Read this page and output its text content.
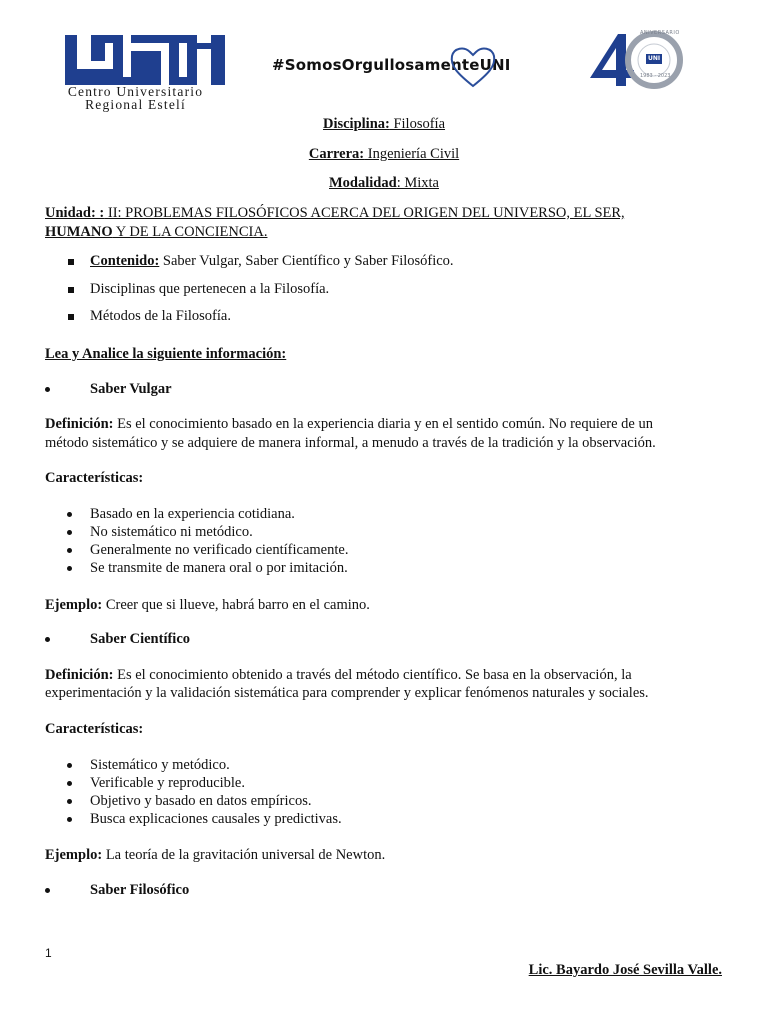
Centro Universitario
Regional Estelí
#SomosOrgullosamenteUNI
ANIVERSARIO
UNI
1983 - 2023
Disciplina: Filosofía
Carrera: Ingeniería Civil
Modalidad: Mixta
Unidad: : II: PROBLEMAS FILOSÓFICOS ACERCA DEL ORIGEN DEL UNIVERSO, EL SER,
HUMANO Y DE LA CONCIENCIA.
Contenido: Saber Vulgar, Saber Científico y Saber Filosófico.
Disciplinas que pertenecen a la Filosofía.
Métodos de la Filosofía.
Lea y Analice la siguiente información:
Saber Vulgar
Definición: Es el conocimiento basado en la experiencia diaria y en el sentido común. No requiere de un
método sistemático y se adquiere de manera informal, a menudo a través de la tradición y la observación.
Características:
Basado en la experiencia cotidiana.
No sistemático ni metódico.
Generalmente no verificado científicamente.
Se transmite de manera oral o por imitación.
Ejemplo: Creer que si llueve, habrá barro en el camino.
Saber Científico
Definición: Es el conocimiento obtenido a través del método científico. Se basa en la observación, la
experimentación y la validación sistemática para comprender y explicar fenómenos naturales y sociales.
Características:
Sistemático y metódico.
Verificable y reproducible.
Objetivo y basado en datos empíricos.
Busca explicaciones causales y predictivas.
Ejemplo: La teoría de la gravitación universal de Newton.
Saber Filosófico
1
Lic. Bayardo José Sevilla Valle.
